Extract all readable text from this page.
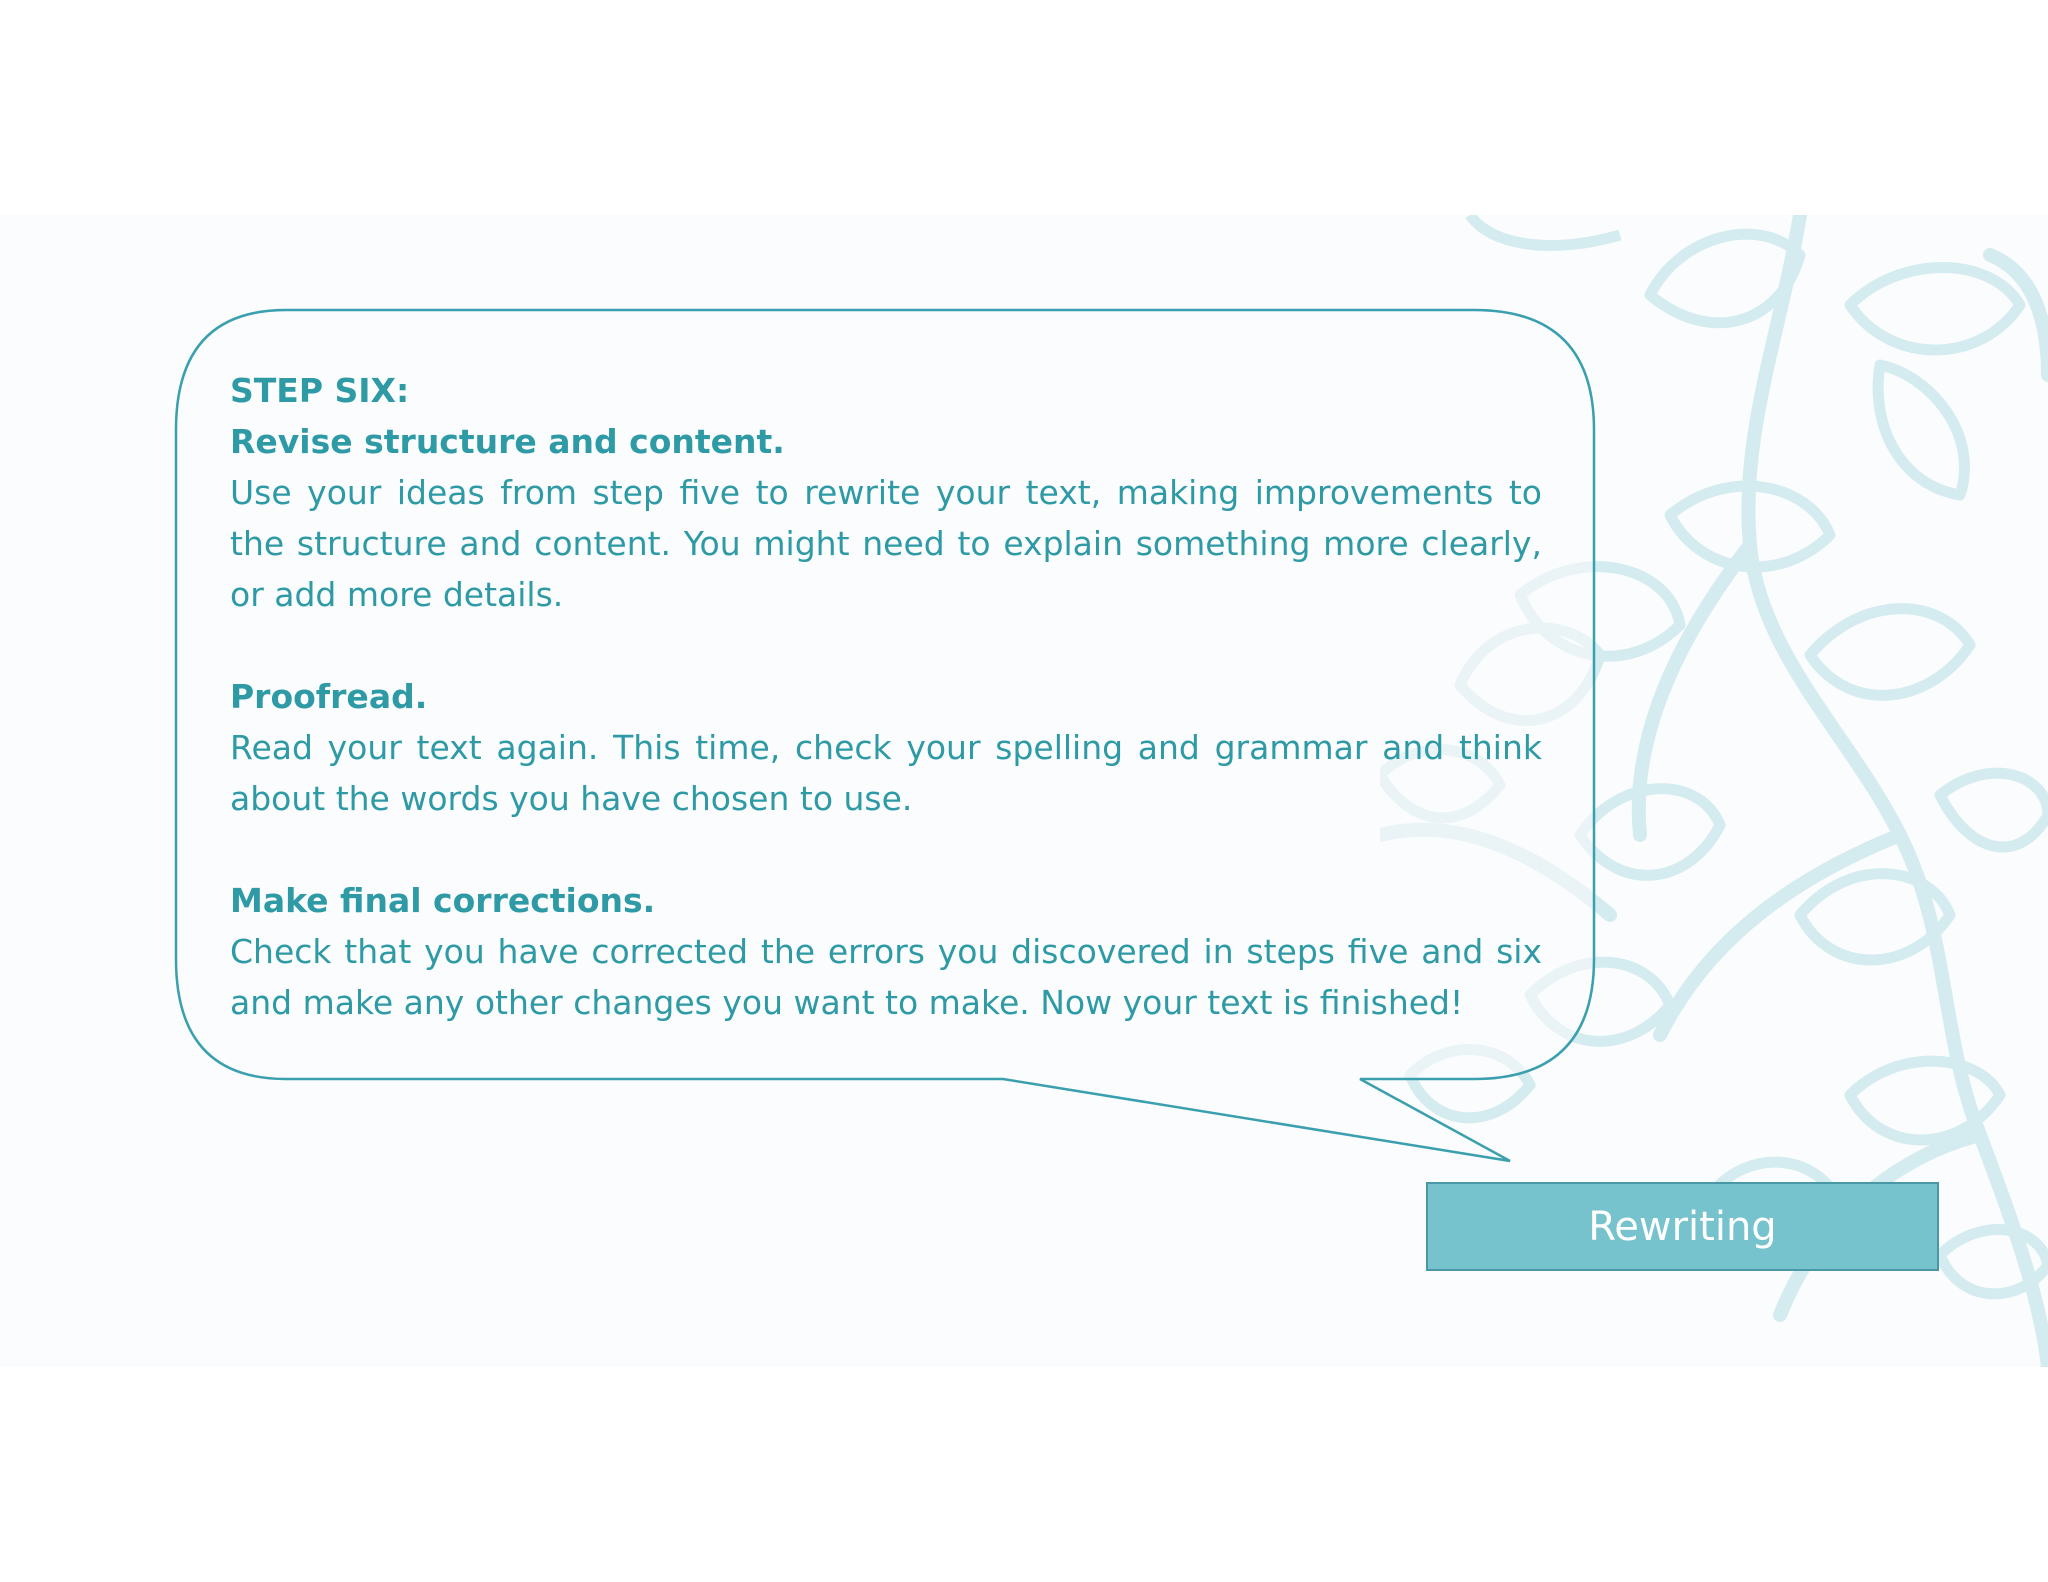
STEP SIX:

Revise structure and content.

Use your ideas from step five to rewrite your text, making improvements to the structure and content. You might need to explain something more clearly, or add more details.

Proofread.

Read your text again. This time, check your spelling and grammar and think about the words you have chosen to use.

Make final corrections.

Check that you have corrected the errors you discovered in steps five and six and make any other changes you want to make. Now your text is finished!

Rewriting
